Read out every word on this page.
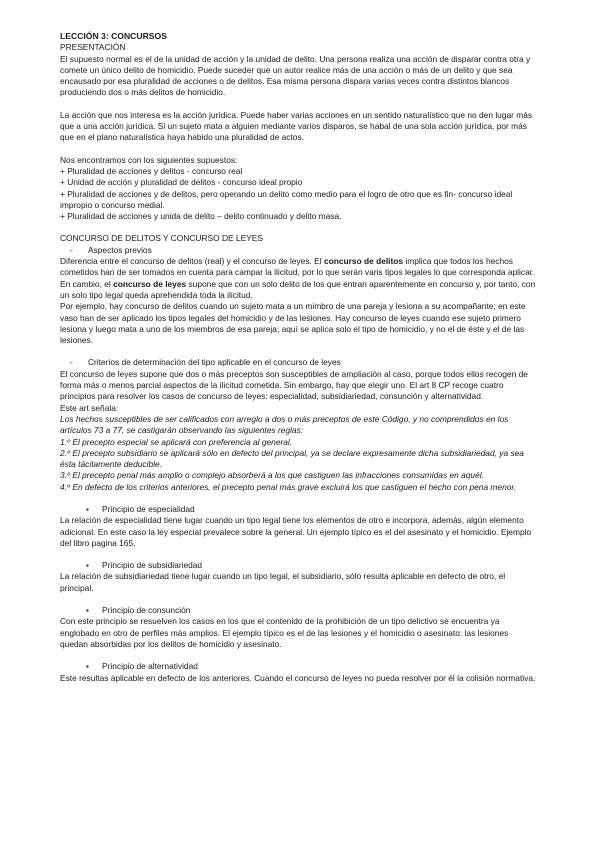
LECCIÓN 3: CONCURSOS

PRESENTACIÓN

El supuesto normal es el de la unidad de acción y la unidad de delito. Una persona realiza una acción de disparar contra otra y comete un único delito de homicidio. Puede suceder que un autor realice más de una acción o más de un delito y que sea encausado por esa pluralidad de acciones o de delitos. Esa misma persona dispara varias veces contra distintos blancos produciendo dos o más delitos de homicidio.

La acción que nos interesa es la acción jurídica. Puede haber varias acciones en un sentido naturalístico que no den lugar más que a una acción jurídica. Si un sujeto mata a alguien mediante varios disparos, se habal de una sola acción jurídica, por más que en el plano naturalística haya habido una pluralidad de actos.

Nos encontramos con los siguientes supuestos:

+ Pluralidad de acciones y delitos - concurso real

+ Unidad de acción y pluralidad de delitos - concurso ideal propio

+ Pluralidad de acciones y de delitos, pero operando un delito como medio para el logro de otro que es fin- concurso ideal impropio o concurso medial.

+ Pluralidad de acciones y unida de delito – delito continuado y delito masa.

CONCURSO DE DELITOS Y CONCURSO DE LEYES

- Aspectos previos

Diferencia entre el concurso de delitos (real) y el concurso de leyes. El concurso de delitos implica que todos los hechos cometidos han de ser tomados en cuenta para campar la ilicitud, por lo que serán varis tipos legales lo que corresponda aplicar. En cambio, el concurso de leyes supone que con un solo delito de los que entran aparentemente en concurso y, por tanto, con un solo tipo legal queda aprehendida toda la ilicitud.

Por ejemplo, hay concurso de delitos cuando un sujeto mata a un mimbro de una pareja y lesiona a su acompañante; en este vaso han de ser aplicado los tipos legales del homicidio y de las lesiones. Hay concurso de leyes cuando ese sujeto primero lesiona y luego mata a uno de los miembros de esa pareja; aquí se aplica solo el tipo de homicidio, y no el de éste y el de las lesiones.

- Criterios de determinación del tipo aplicable en el concurso de leyes

El concurso de leyes supone que dos o más preceptos son susceptibles de ampliación al caso, porque todos ellos recogen de forma más o menos parcial aspectos de la ilicitud cometida. Sin embargo, hay que elegir uno. El art 8 CP recoge cuatro principios para resolver los casos de concurso de leyes: especialidad, subsidiariedad, consunción y alternatividad.

Este art señala:

Los hechos susceptibles de ser calificados con arreglo a dos o más preceptos de este Código, y no comprendidos en los artículos 73 a 77, se castigarán observando las siguientes reglas:

1.º El precepto especial se aplicará con preferencia al general.

2.º El precepto subsidiario se aplicará sólo en defecto del principal, ya se declare expresamente dicha subsidiariedad, ya sea ésta tácitamente deducible.

3.º El precepto penal más amplio o complejo absorberá a los que castiguen las infracciones consumidas en aquél.

4.º En defecto de los criterios anteriores, el precepto penal más grave excluirá los que castiguen el hecho con pena menor.

▪ Principio de especialidad

La relación de especialidad tiene lugar cuando un tipo legal tiene los elementos de otro e incorpora, además, algún elemento adicional. En este caso la ley especial prevalece sobre la general. Un ejemplo típico es el del asesinato y el homicidio. Ejemplo del libro pagina 165.

▪ Principio de subsidiariedad

La relación de subsidiariedad tiene lugar cuando un tipo legal, el subsidiario, sólo resulta aplicable en defecto de otro, el principal.

▪ Principio de consunción

Con este principio se resuelven los casos en los que el contenido de la prohibición de un tipo delictivo se encuentra ya englobado en otro de perfiles más amplios. El ejemplo típico es el de las lesiones y el homicidio o asesinato: las lesiones quedan absorbidas por los delitos de homicidio y asesinato.

▪ Principio de alternatividad

Este resultas aplicable en defecto de los anteriores. Cuando el concurso de leyes no pueda resolver por él la colisión normativa.
